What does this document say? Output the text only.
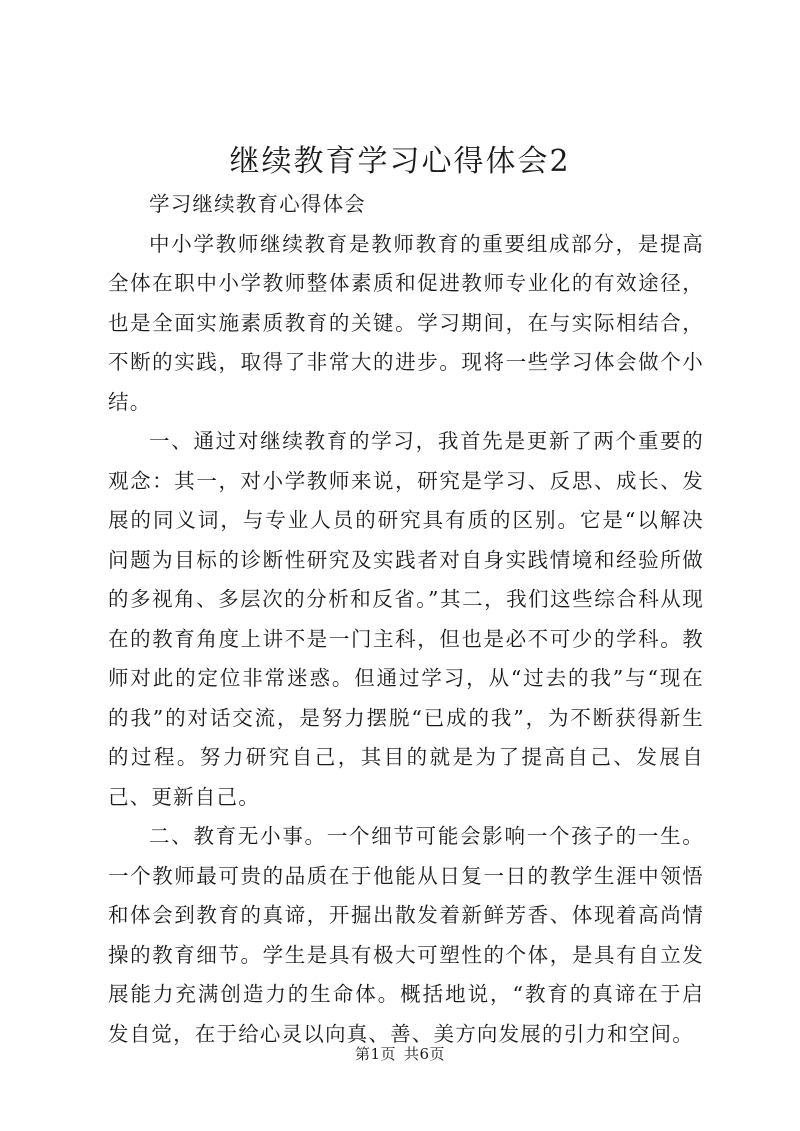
继续教育学习心得体会2

学习继续教育心得体会

中小学教师继续教育是教师教育的重要组成部分，是提高全体在职中小学教师整体素质和促进教师专业化的有效途径，也是全面实施素质教育的关键。学习期间，在与实际相结合，不断的实践，取得了非常大的进步。现将一些学习体会做个小结。

一、通过对继续教育的学习，我首先是更新了两个重要的观念：其一，对小学教师来说，研究是学习、反思、成长、发展的同义词，与专业人员的研究具有质的区别。它是“以解决问题为目标的诊断性研究及实践者对自身实践情境和经验所做的多视角、多层次的分析和反省。”其二，我们这些综合科从现在的教育角度上讲不是一门主科，但也是必不可少的学科。教师对此的定位非常迷惑。但通过学习，从“过去的我”与“现在的我”的对话交流，是努力摆脱“已成的我”，为不断获得新生的过程。努力研究自己，其目的就是为了提高自己、发展自己、更新自己。

二、教育无小事。一个细节可能会影响一个孩子的一生。一个教师最可贵的品质在于他能从日复一日的教学生涯中领悟和体会到教育的真谛，开掘出散发着新鲜芳香、体现着高尚情操的教育细节。学生是具有极大可塑性的个体，是具有自立发展能力充满创造力的生命体。概括地说，“教育的真谛在于启发自觉，在于给心灵以向真、善、美方向发展的引力和空间。

第1页 共6页
